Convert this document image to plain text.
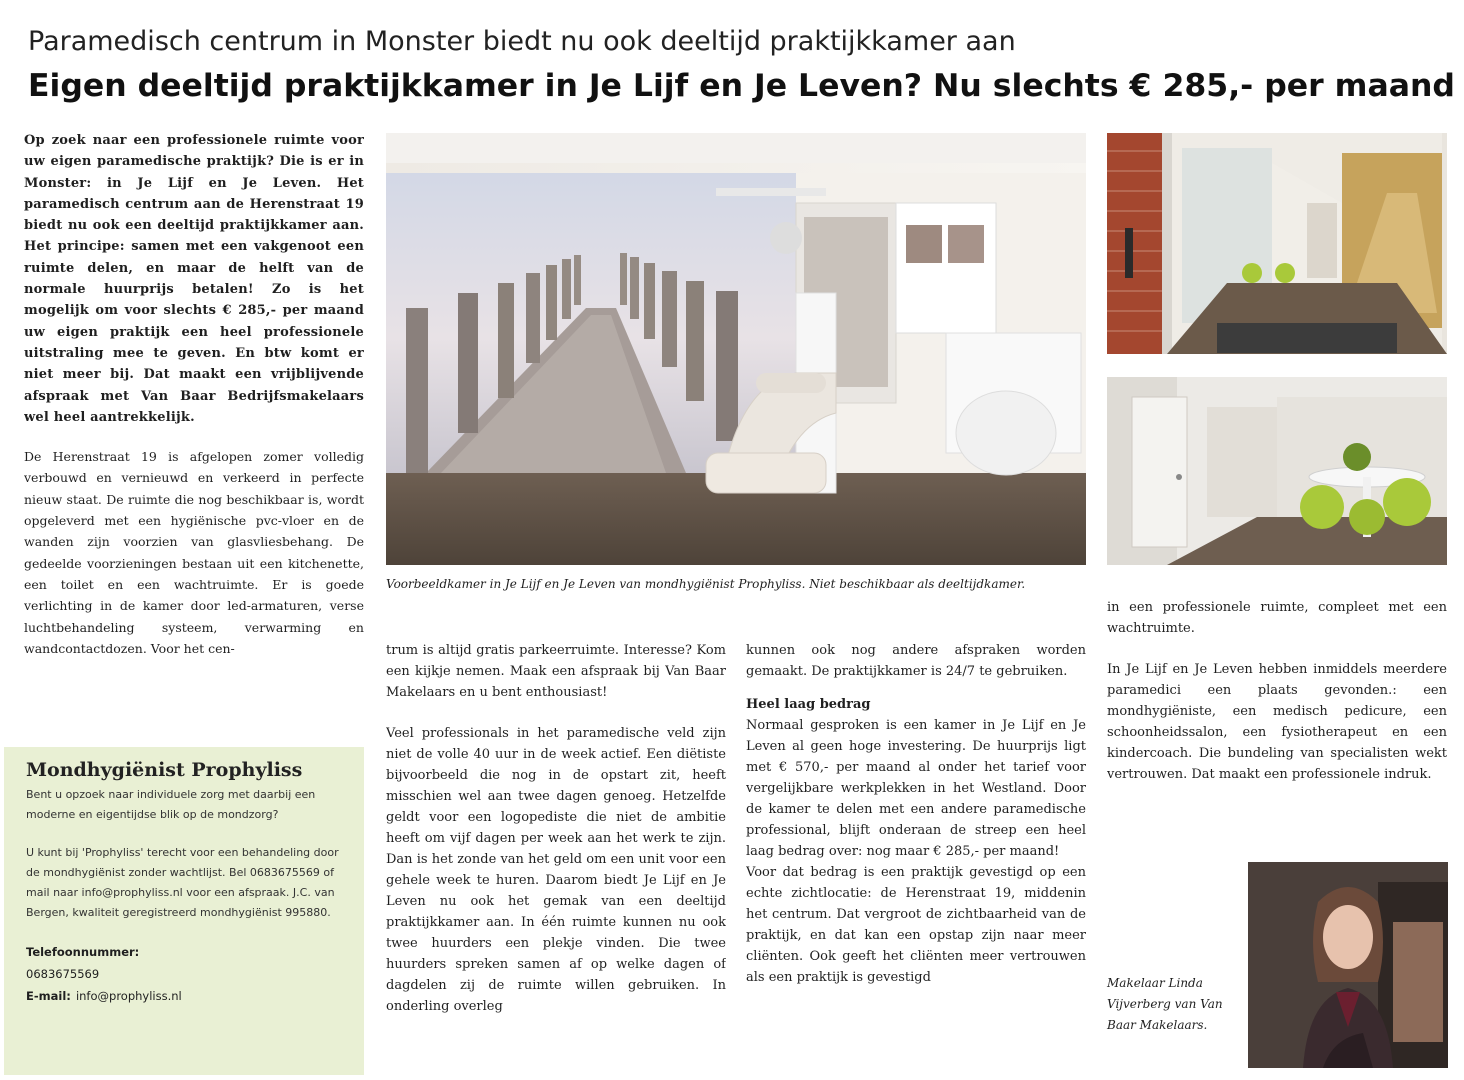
Paramedisch centrum in Monster biedt nu ook deeltijd praktijkkamer aan
Eigen deeltijd praktijkkamer in Je Lijf en Je Leven? Nu slechts € 285,- per maand

Op zoek naar een professionele ruimte voor uw eigen paramedische praktijk? Die is er in Monster: in Je Lijf en Je Leven. Het paramedisch centrum aan de Herenstraat 19 biedt nu ook een deeltijd praktijkkamer aan. Het principe: samen met een vakgenoot een ruimte delen, en maar de helft van de normale huurprijs betalen! Zo is het mogelijk om voor slechts € 285,- per maand uw eigen praktijk een heel professionele uitstraling mee te geven. En btw komt er niet meer bij. Dat maakt een vrijblijvende afspraak met Van Baar Bedrijfsmakelaars wel heel aantrekkelijk.

De Herenstraat 19 is afgelopen zomer volledig verbouwd en vernieuwd en verkeerd in perfecte nieuw staat. De ruimte die nog beschikbaar is, wordt opgeleverd met een hygiënische pvc-vloer en de wanden zijn voorzien van glasvliesbehang. De gedeelde voorzieningen bestaan uit een kitchenette, een toilet en een wachtruimte. Er is goede verlichting in de kamer door led-armaturen, verse luchtbehandeling systeem, verwarming en wandcontactdozen. Voor het cen-

Voorbeeldkamer in Je Lijf en Je Leven van mondhygiënist Prophyliss. Niet beschikbaar als deeltijdkamer.

trum is altijd gratis parkeerruimte. Interesse? Kom een kijkje nemen. Maak een afspraak bij Van Baar Makelaars en u bent enthousiast!

Veel professionals in het paramedische veld zijn niet de volle 40 uur in de week actief. Een diëtiste bijvoorbeeld die nog in de opstart zit, heeft misschien wel aan twee dagen genoeg. Hetzelfde geldt voor een logopediste die niet de ambitie heeft om vijf dagen per week aan het werk te zijn. Dan is het zonde van het geld om een unit voor een gehele week te huren. Daarom biedt Je Lijf en Je Leven nu ook het gemak van een deeltijd praktijkkamer aan. In één ruimte kunnen nu ook twee huurders een plekje vinden. Die twee huurders spreken samen af op welke dagen of dagdelen zij de ruimte willen gebruiken. In onderling overleg

kunnen ook nog andere afspraken worden gemaakt. De praktijkkamer is 24/7 te gebruiken.

Heel laag bedrag

Normaal gesproken is een kamer in Je Lijf en Je Leven al geen hoge investering. De huurprijs ligt met € 570,- per maand al onder het tarief voor vergelijkbare werkplekken in het Westland. Door de kamer te delen met een andere paramedische professional, blijft onderaan de streep een heel laag bedrag over: nog maar € 285,- per maand!

Voor dat bedrag is een praktijk gevestigd op een echte zichtlocatie: de Herenstraat 19, middenin het centrum. Dat vergroot de zichtbaarheid van de praktijk, en dat kan een opstap zijn naar meer cliënten. Ook geeft het cliënten meer vertrouwen als een praktijk is gevestigd

in een professionele ruimte, compleet met een wachtruimte.

In Je Lijf en Je Leven hebben inmiddels meerdere paramedici een plaats gevonden.: een mondhygiëniste, een medisch pedicure, een schoonheidssalon, een fysiotherapeut en een kindercoach. Die bundeling van specialisten wekt vertrouwen. Dat maakt een professionele indruk.

Makelaar Linda Vijverberg van Van Baar Makelaars.
Mondhygiënist Prophyliss

Bent u opzoek naar individuele zorg met daarbij een moderne en eigentijdse blik op de mondzorg?

U kunt bij 'Prophyliss' terecht voor een behandeling door de mondhygiënist zonder wachtlijst. Bel 0683675569 of mail naar info@prophyliss.nl voor een afspraak. J.C. van Bergen, kwaliteit geregistreerd mondhygiënist 995880.

Telefoonnummer:
0683675569
E-mail: info@prophyliss.nl
